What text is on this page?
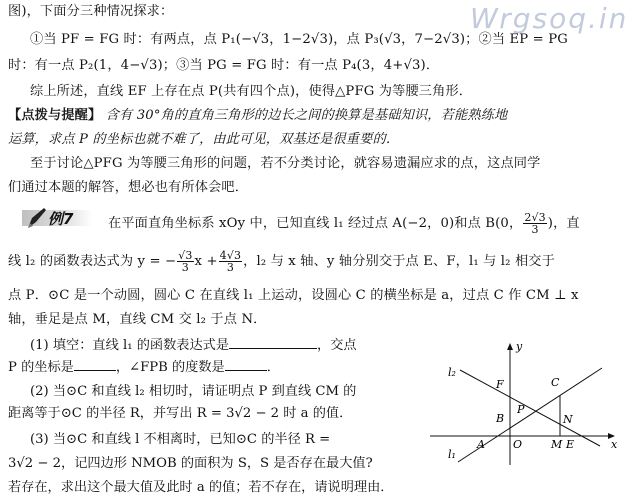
Wrgsoq.in
图)，下面分三种情况探求：
①当 PF = FG 时：有两点，点 P₁(−√3，1−2√3)，点 P₃(√3，7−2√3)；②当 EP = PG
时：有一点 P₂(1，4−√3)；③当 PG = FG 时：有一点 P₄(3，4+√3)．
综上所述，直线 EF 上存在点 P(共有四个点)，使得△PFG 为等腰三角形．
【点拨与提醒】 含有 30°角的直角三角形的边长之间的换算是基础知识，若能熟练地
运算，求点 P 的坐标也就不难了，由此可见，双基还是很重要的．
至于讨论△PFG 为等腰三角形的问题，若不分类讨论，就容易遗漏应求的点，这点同学
们通过本题的解答，想必也有所体会吧．
例7	在平面直角坐标系 xOy 中，已知直线 l₁ 经过点 A(−2，0)和点 B(0， $\frac{2√3}{3}$ )，直
线 l₂ 的函数表达式为 y = − $\frac{√3}{3}$ $x + \frac{4√3}{3}$ ，l₂ 与 x 轴、y 轴分别交于点 E、F，l₁ 与 l₂ 相交于
点 P．⊙C 是一个动圆，圆心 C 在直线 l₁ 上运动，设圆心 C 的横坐标是 a，过点 C 作 CM ⊥ x
轴，垂足是点 M，直线 CM 交 l₂ 于点 N．
(1) 填空：直线 l₁ 的函数表达式是	，交点
P 的坐标是	，∠FPB 的度数是	．
(2) 当⊙C 和直线 l₂ 相切时，请证明点 P 到直线 CM 的
距离等于⊙C 的半径 R，并写出 R = 3√2 − 2 时 a 的值．
(3) 当⊙C 和直线 l 不相离时，已知⊙C 的半径 R =
3√2 − 2，记四边形 NMOB 的面积为 S，S 是否存在最大值?
若存在，求出这个最大值及此时 a 的值；若不存在，请说明理由．
x
y
l₁
l₂
F	C
B
P
N
A	O	M E
